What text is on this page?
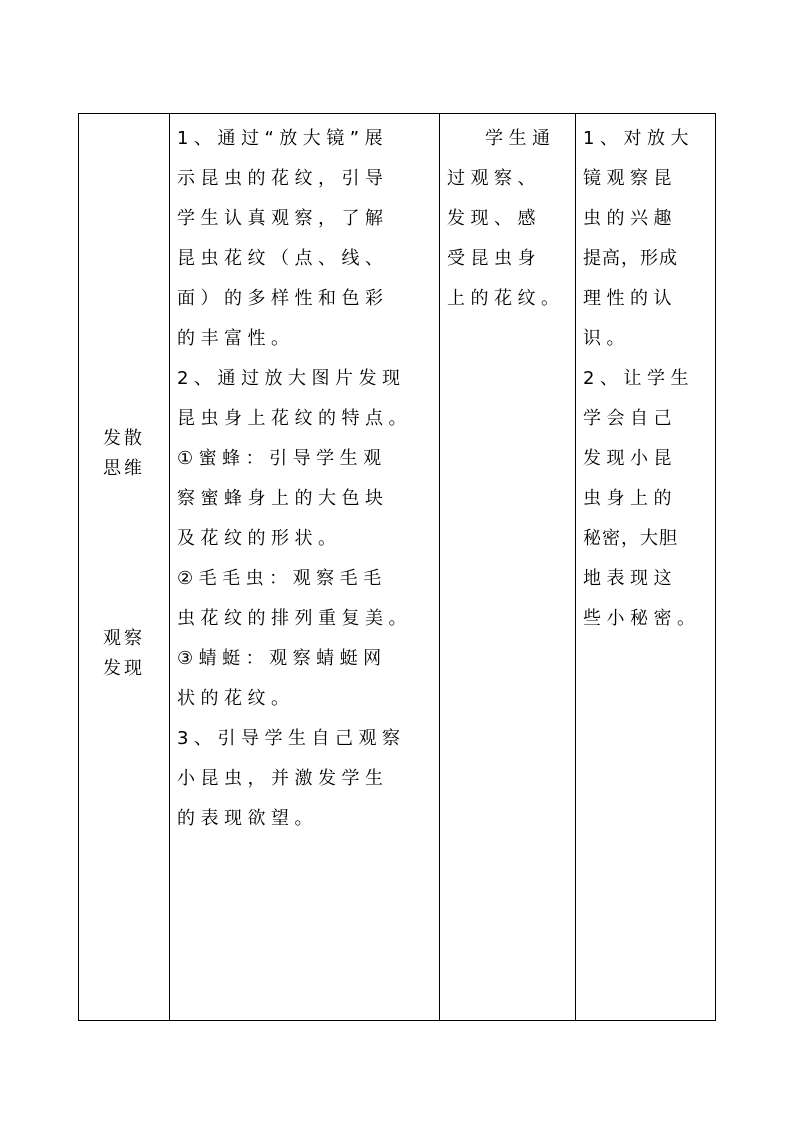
发散
思维
观察
发现
1、通过“放大镜”展
示昆虫的花纹，引导
学生认真观察，了解
昆虫花纹（点、线、
面）的多样性和色彩
的丰富性。
2、通过放大图片发现
昆虫身上花纹的特点。
①蜜蜂：引导学生观
察蜜蜂身上的大色块
及花纹的形状。
②毛毛虫：观察毛毛
虫花纹的排列重复美。
③蜻蜓：观察蜻蜓网
状的花纹。
3、引导学生自己观察
小昆虫，并激发学生
的表现欲望。
学生通
过观察、
发现、感
受昆虫身
上的花纹。
1、对放大
镜观察昆
虫的兴趣
提高，形成
理性的认
识。
2、让学生
学会自己
发现小昆
虫身上的
秘密，大胆
地表现这
些小秘密。
